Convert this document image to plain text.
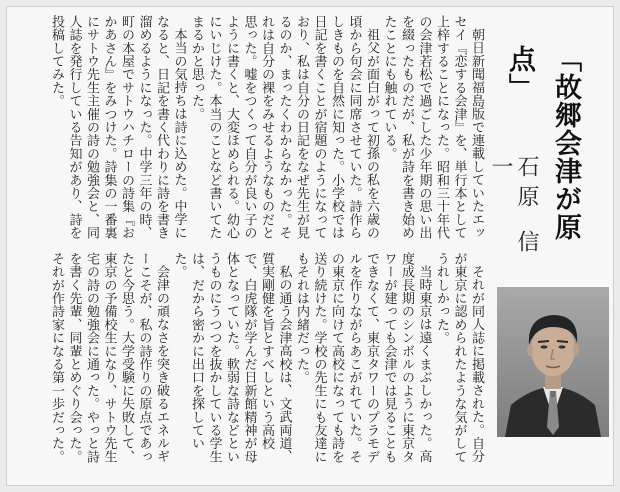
朝日新聞福島版で連載していたエッセイ『恋する会津』を、単行本として上梓することになった。昭和三十年代の会津若松で過ごした少年期の思い出を綴ったものだが、私が詩を書き始めたことにも触れている。

祖父が面白がって初孫の私を六歳の頃から句会に同席させていた。詩作らしきものを自然に知った。小学校では日記を書くことが宿題のようになっており、私は自分の日記をなぜ先生が見るのか、まったくわからなかった。それは自分の裸をみせるようなものだと思った。嘘をつくって自分が良い子のように書くと、大変ほめられる。幼心にいじけた。本当のことなど書いてたまるかと思った。

本当の気持ちは詩に込めた。中学になると、日記を書く代わりに詩を書き溜めるようになった。中学三年の時、町の本屋でサトウハチローの詩集『おかあさん』をみつけた。詩集の一番裏にサトウ先生主催の詩の勉強会と、同人誌を発行している告知があり、詩を投稿してみた。

それが同人誌に掲載された。自分が東京に認められたような気がしてうれしかった。

当時東京は遠くまぶしかった。高度成長期のシンボルのように東京タワーが建っても会津では見ることもできなくて、東京タワーのプラモデルを作りながらあこがれていた。その東京に向けて高校になっても詩を送り続けた。学校の先生にも友達にもそれは内緒だった。

私の通う会津高校は、文武両道、質実剛健を旨とすべしという高校で、白虎隊が学んだ日新館精神が母体となっていた。軟弱な詩などというものにうつつを抜かしている学生は、だから密かに出口を探していた。

会津の頑なさを突き破るエネルギーこそが、私の詩作りの原点であったと今思う。大学受験に失敗して、東京の予備校生になり、サトウ先生宅の詩の勉強会に通った。やっと詩を書く先輩、同輩とめぐり会った。それが作詩家になる第一歩だった。

「故郷会津が原点」
石原 信一
